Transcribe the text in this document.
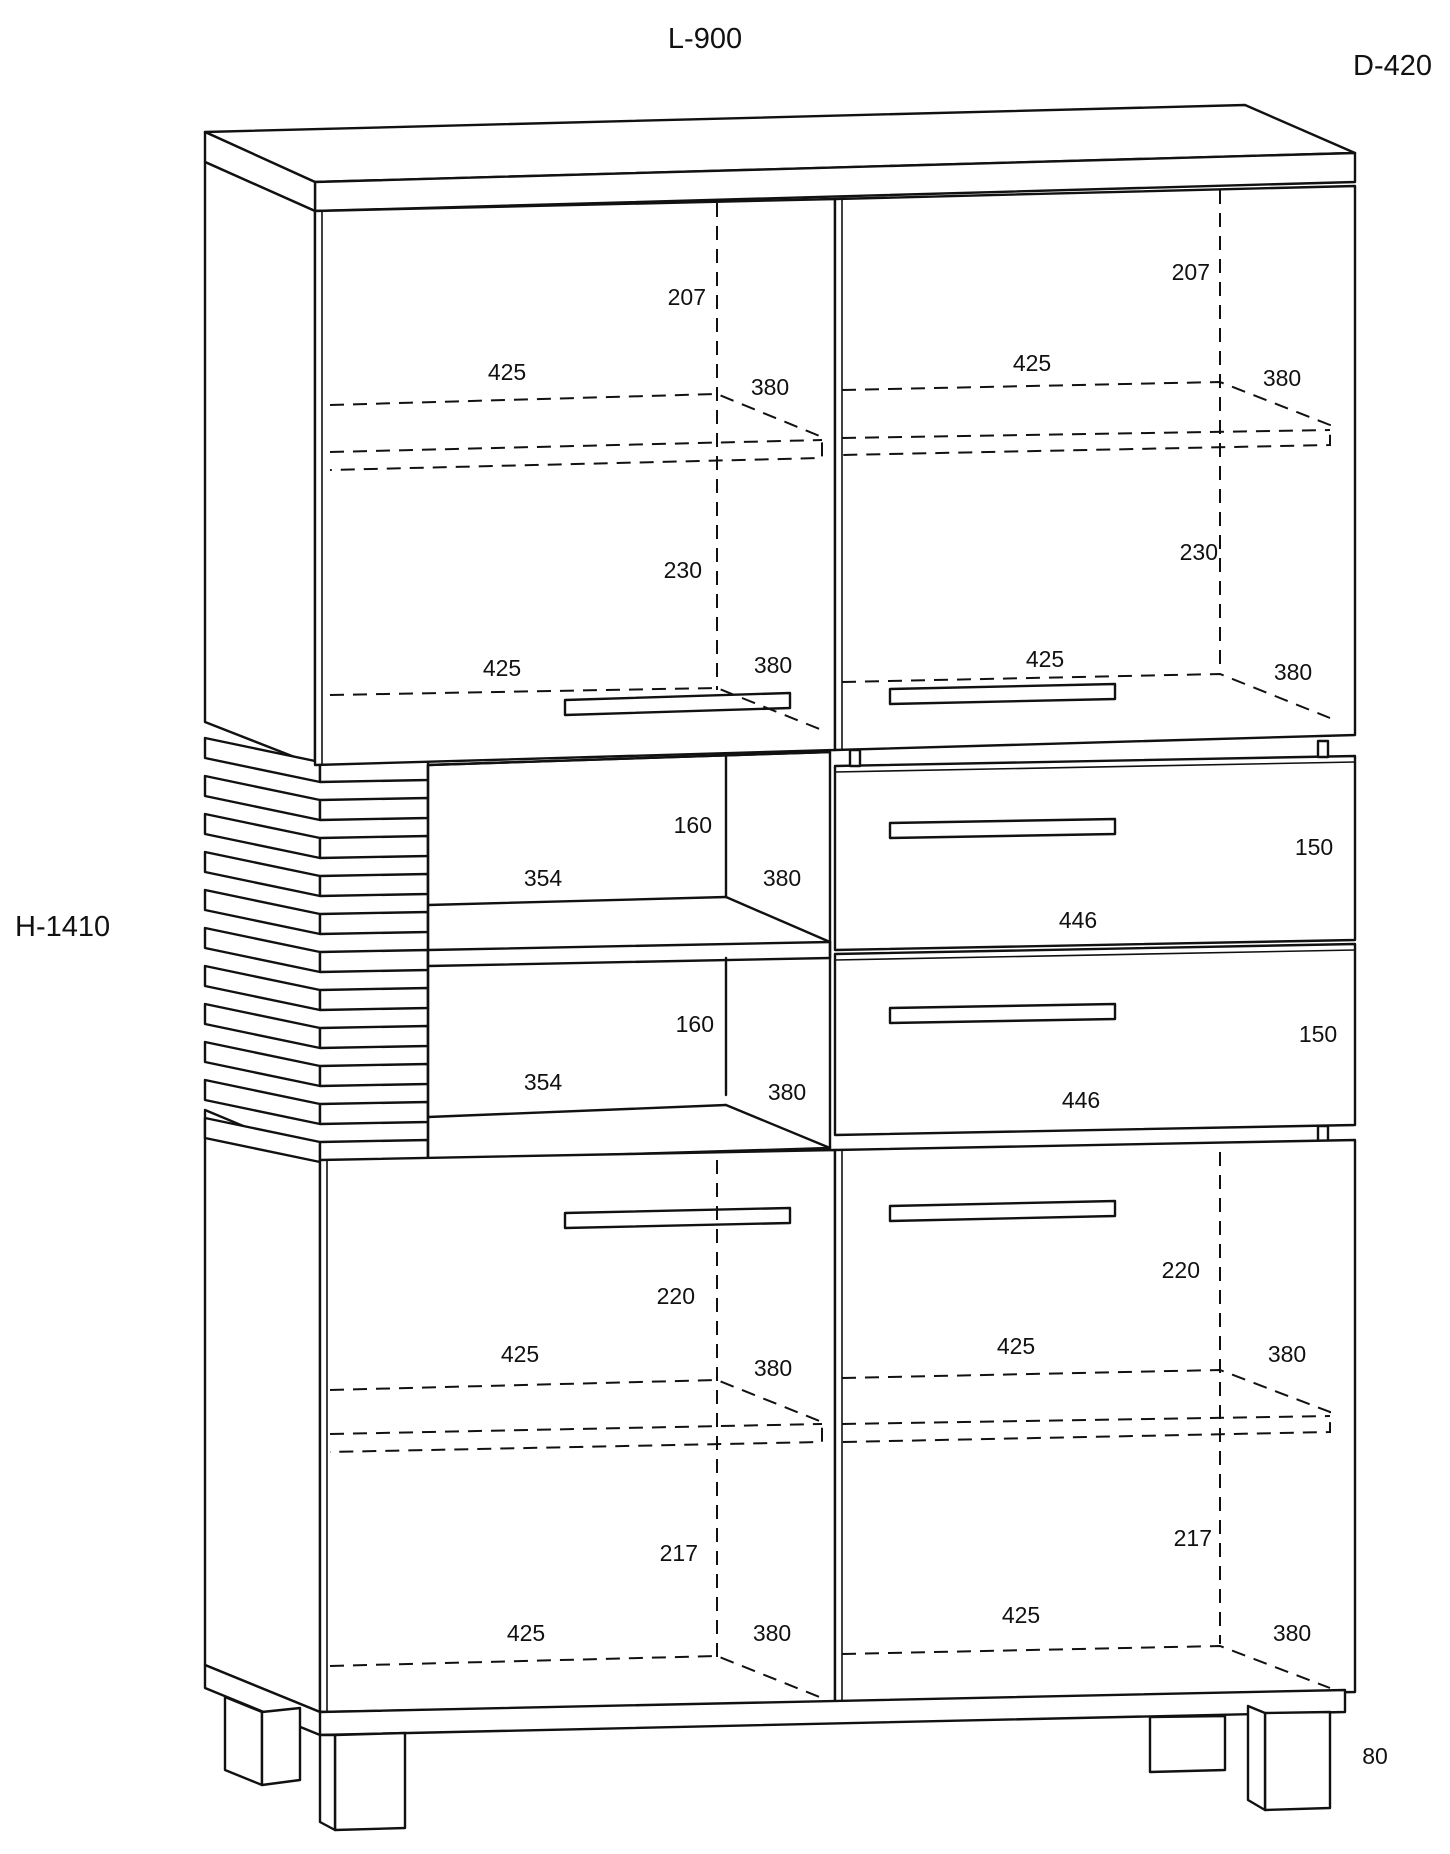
L-900
D-420
H-1410
80
207
425
380
230
425	380
207
425
380
230
425	380
160
354	380
160
354	380
150
446
150
446
220
425
380
217
425	380
220
425	380
217
425
380
